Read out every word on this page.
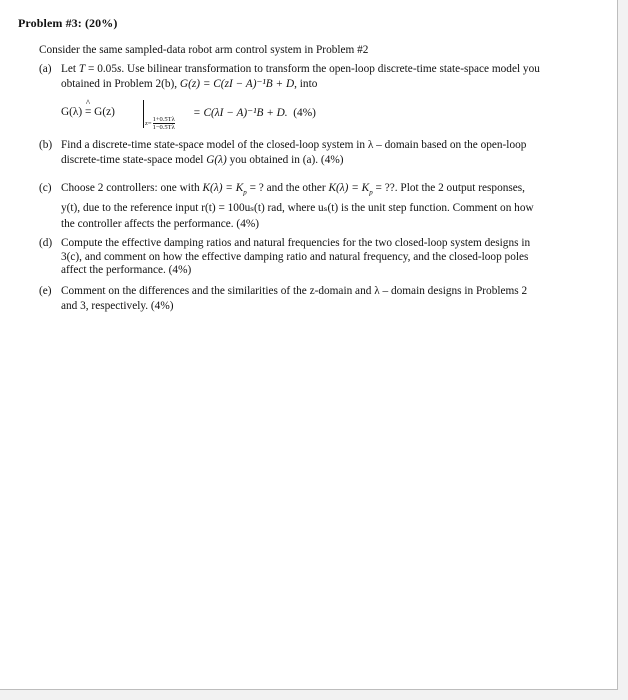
Problem #3: (20%)
Consider the same sampled-data robot arm control system in Problem #2
(a) Let T = 0.05s. Use bilinear transformation to transform the open-loop discrete-time state-space model you
obtained in Problem 2(b), G(z) = C(zI − A)⁻¹B + D, into
^ G(λ) = G(z)
$z= \frac{1+0.5T\lambda}{1-0.5T\lambda}$
= C(λI − A)⁻¹B + D. (4%)
(b) Find a discrete-time state-space model of the closed-loop system in λ – domain based on the open-loop
discrete-time state-space model G(λ) you obtained in (a). (4%)
(c) Choose 2 controllers: one with $K(\lambda) = K_p$ = ? and the other $K(\lambda) = K_p$ = ??. Plot the 2 output responses,
y(t), due to the reference input r(t) = 100uₛ(t) rad, where uₛ(t) is the unit step function. Comment on how
the controller affects the performance. (4%)
(d) Compute the effective damping ratios and natural frequencies for the two closed-loop system designs in
3(c), and comment on how the effective damping ratio and natural frequency, and the closed-loop poles
affect the performance. (4%)
(e) Comment on the differences and the similarities of the z-domain and λ – domain designs in Problems 2
and 3, respectively. (4%)
